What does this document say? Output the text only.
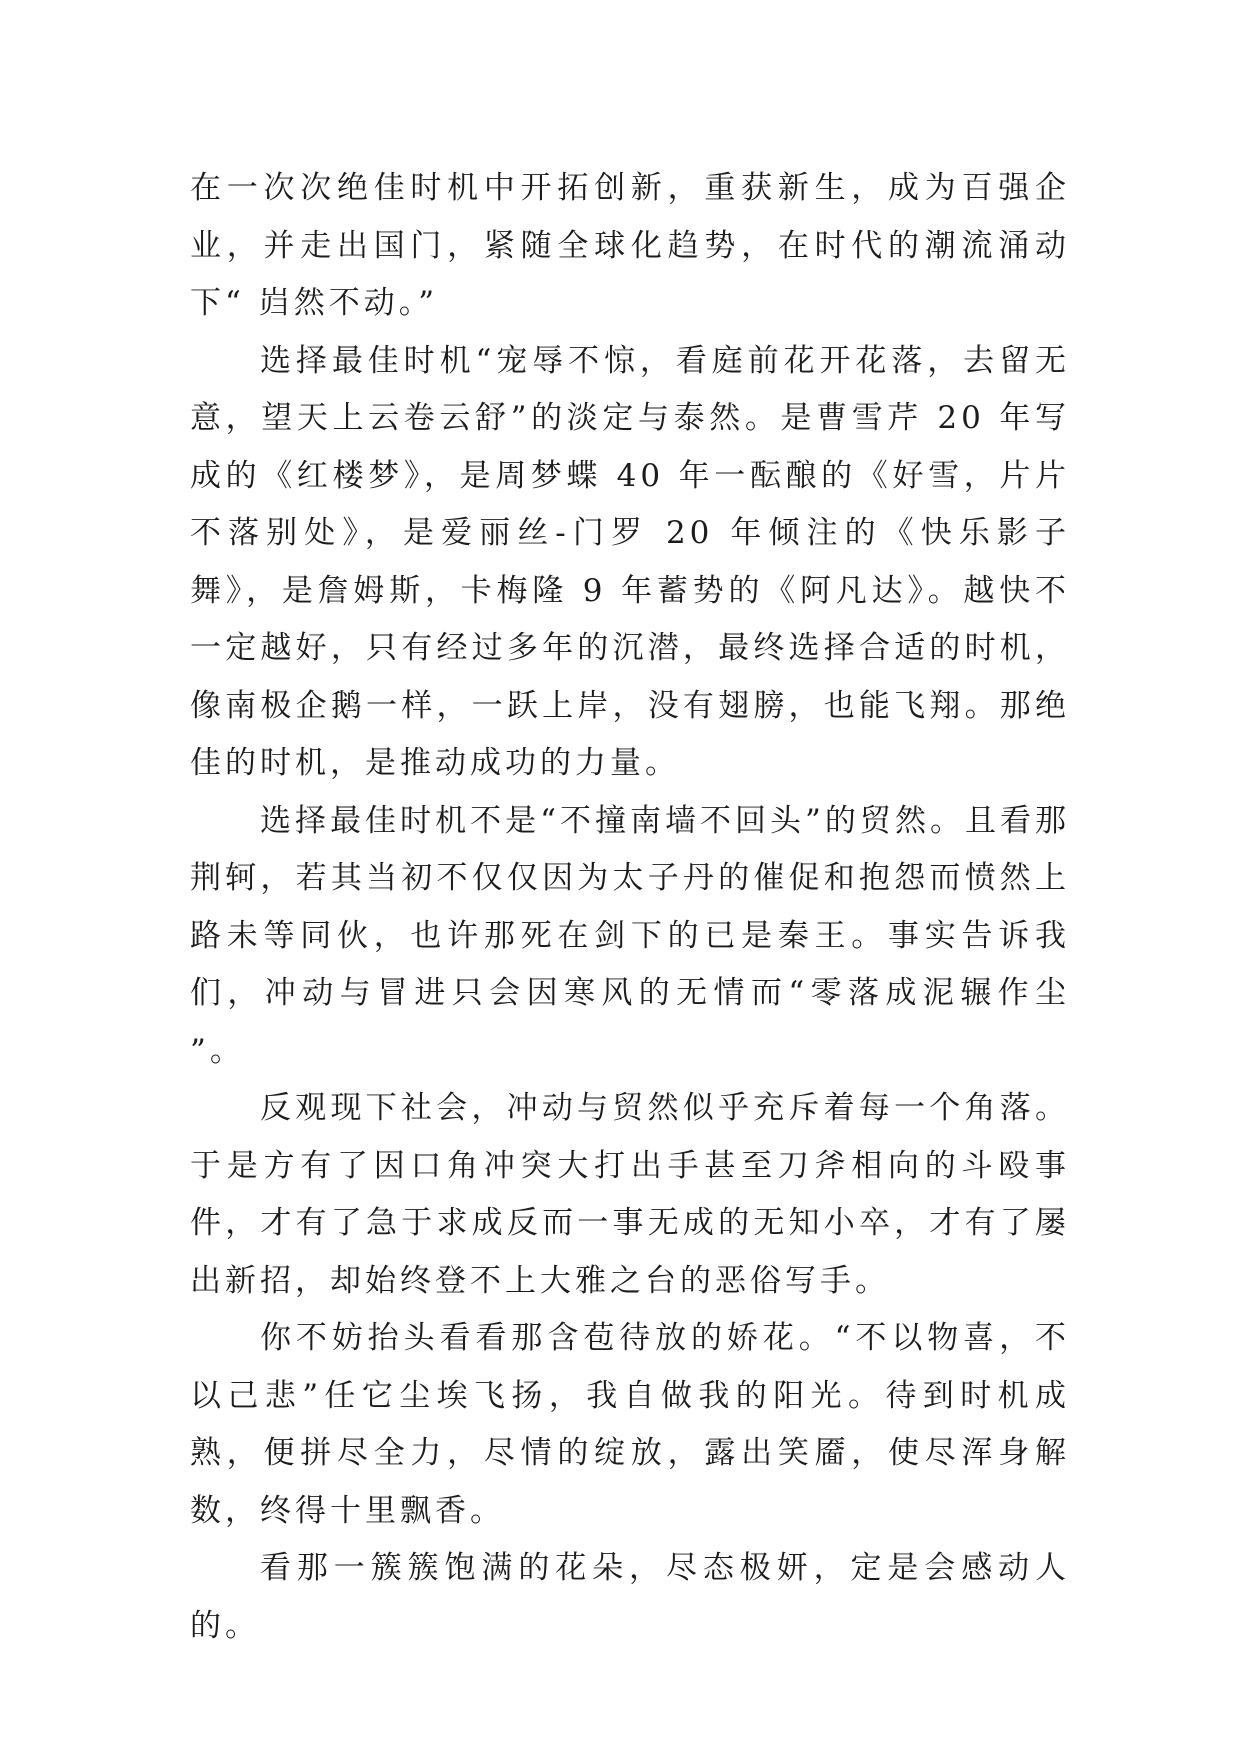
在一次次绝佳时机中开拓创新，重获新生，成为百强企业，并走出国门，紧随全球化趋势，在时代的潮流涌动下“ 岿然不动。”

选择最佳时机“宠辱不惊，看庭前花开花落，去留无意，望天上云卷云舒”的淡定与泰然。是曹雪芹 20 年写成的《红楼梦》，是周梦蝶 40 年一酝酿的《好雪，片片不落别处》，是爱丽丝-门罗 20 年倾注的《快乐影子舞》，是詹姆斯，卡梅隆 9 年蓄势的《阿凡达》。越快不一定越好，只有经过多年的沉潜，最终选择合适的时机，像南极企鹅一样，一跃上岸，没有翅膀，也能飞翔。那绝佳的时机，是推动成功的力量。

选择最佳时机不是“不撞南墙不回头”的贸然。且看那荆轲，若其当初不仅仅因为太子丹的催促和抱怨而愤然上路未等同伙，也许那死在剑下的已是秦王。事实告诉我们，冲动与冒进只会因寒风的无情而“零落成泥辗作尘 ”。

反观现下社会，冲动与贸然似乎充斥着每一个角落。于是方有了因口角冲突大打出手甚至刀斧相向的斗殴事件，才有了急于求成反而一事无成的无知小卒，才有了屡出新招，却始终登不上大雅之台的恶俗写手。

你不妨抬头看看那含苞待放的娇花。“不以物喜，不以己悲”任它尘埃飞扬，我自做我的阳光。待到时机成熟，便拼尽全力，尽情的绽放，露出笑靥，使尽浑身解数，终得十里飘香。

看那一簇簇饱满的花朵，尽态极妍，定是会感动人的。
